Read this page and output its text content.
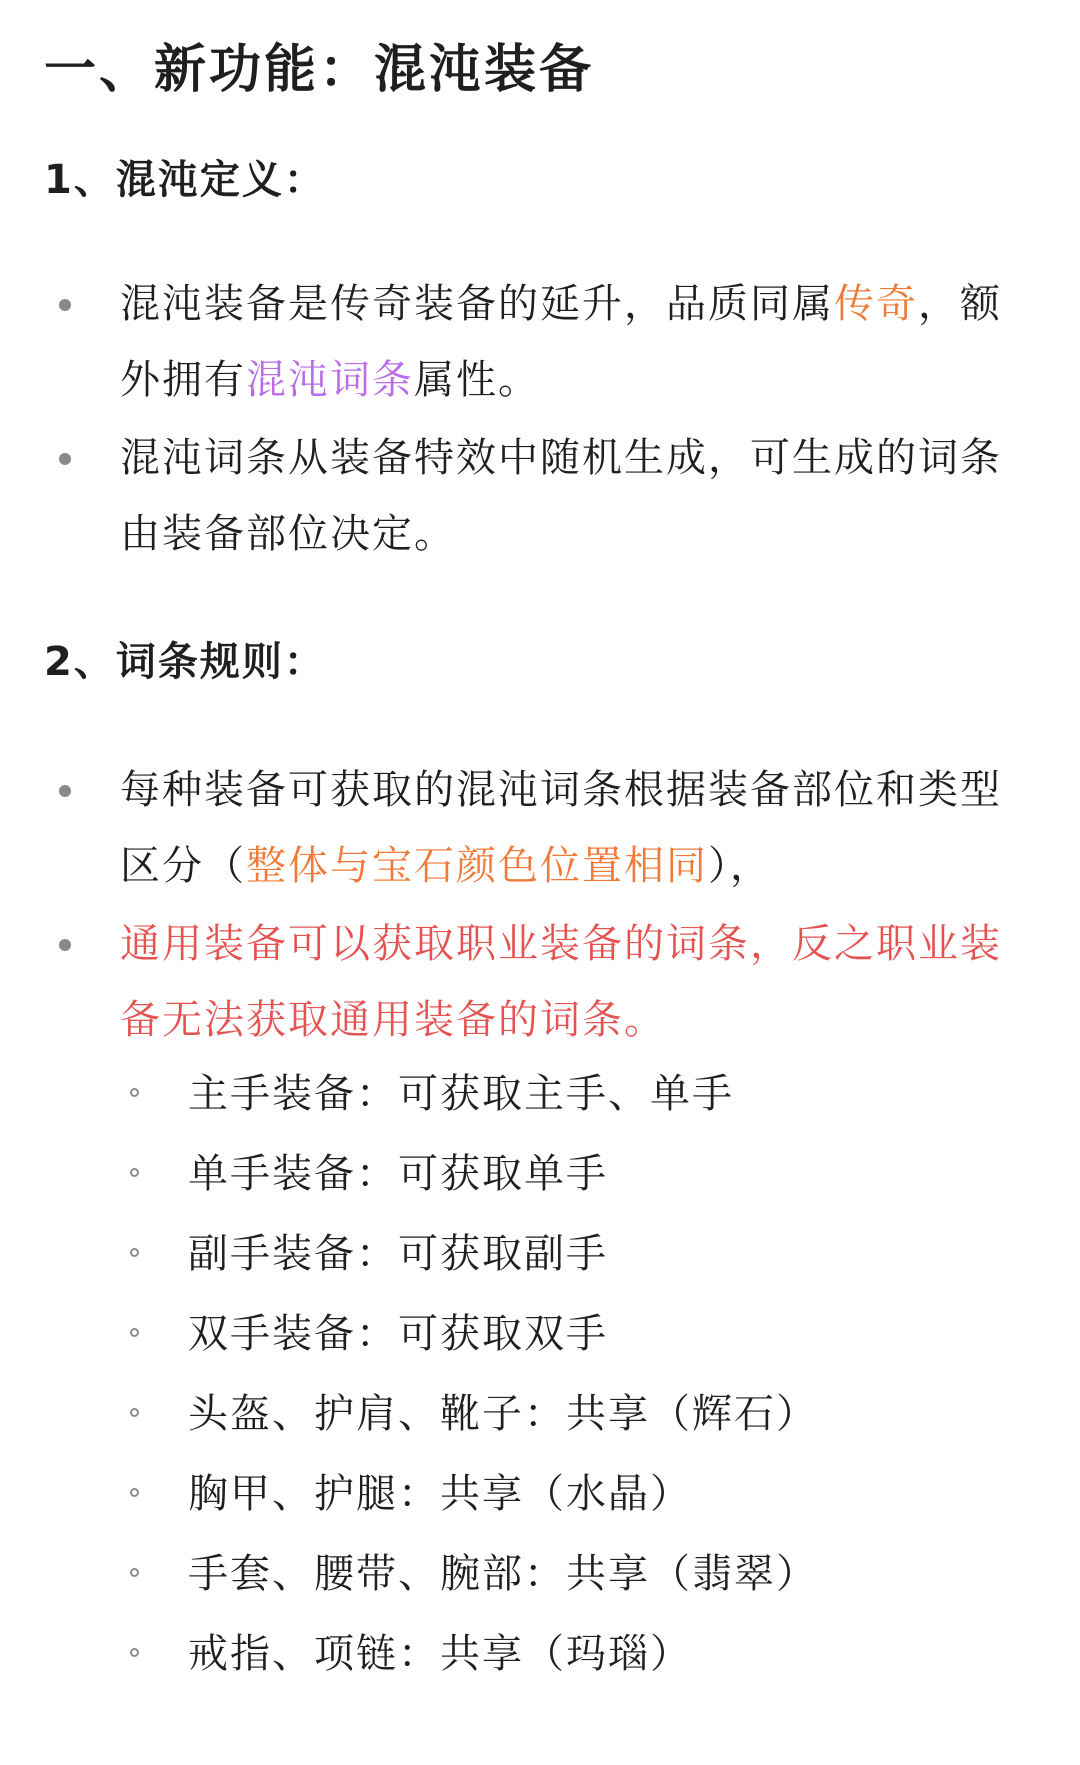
一、新功能：混沌装备
1、混沌定义：

混沌装备是传奇装备的延升，品质同属传奇，额外拥有混沌词条属性。

混沌词条从装备特效中随机生成，可生成的词条由装备部位决定。

2、词条规则：

每种装备可获取的混沌词条根据装备部位和类型区分（整体与宝石颜色位置相同），

通用装备可以获取职业装备的词条，反之职业装备无法获取通用装备的词条。

主手装备：可获取主手、单手

单手装备：可获取单手

副手装备：可获取副手

双手装备：可获取双手

头盔、护肩、靴子：共享（辉石）

胸甲、护腿：共享（水晶）

手套、腰带、腕部：共享（翡翠）

戒指、项链：共享（玛瑙）
